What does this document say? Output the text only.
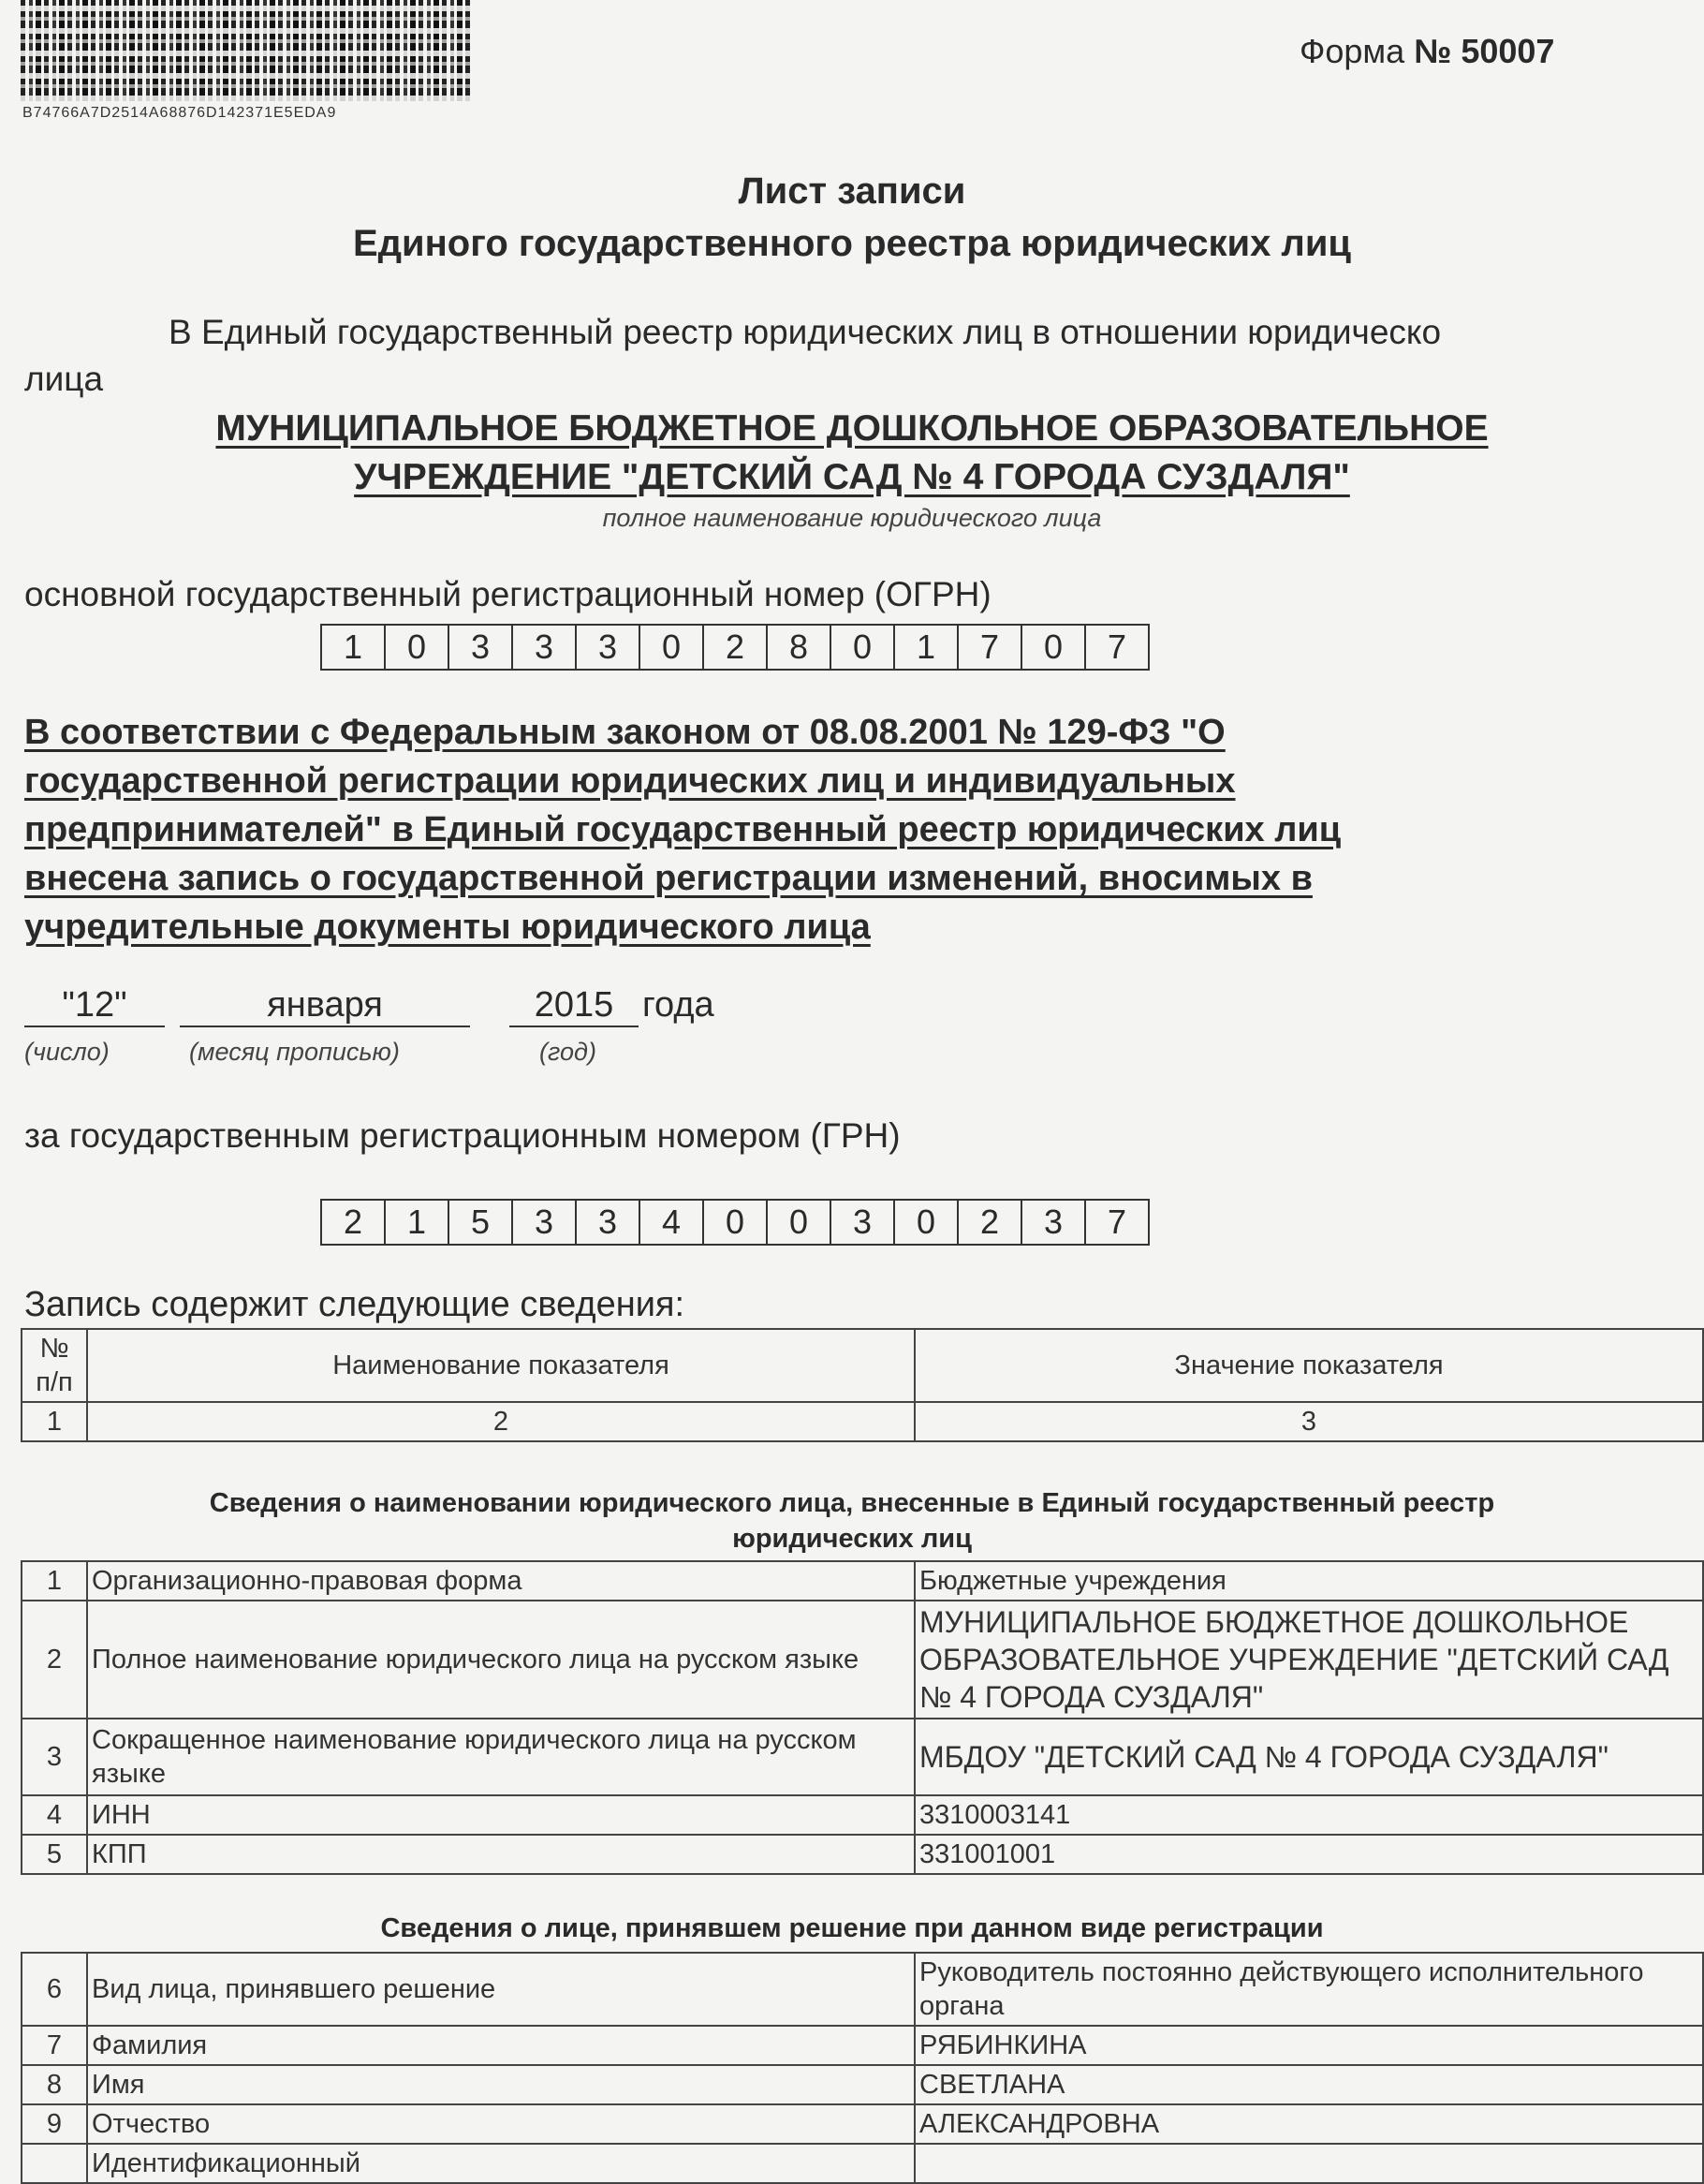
B74766A7D2514A68876D142371E5EDA9
Форма № 50007
Лист записи
Единого государственного реестра юридических лиц
В Единый государственный реестр юридических лиц в отношении юридическо
лица
МУНИЦИПАЛЬНОЕ БЮДЖЕТНОЕ ДОШКОЛЬНОЕ ОБРАЗОВАТЕЛЬНОЕ
УЧРЕЖДЕНИЕ "ДЕТСКИЙ САД № 4 ГОРОДА СУЗДАЛЯ"
полное наименование юридического лица
основной государственный регистрационный номер (ОГРН)
1	0	3	3	3	0	2	8	0	1	7	0	7
В соответствии с Федеральным законом от 08.08.2001 № 129-ФЗ "О
государственной регистрации юридических лиц и индивидуальных
предпринимателей" в Единый государственный реестр юридических лиц
внесена запись о государственной регистрации изменений, вносимых в
учредительные документы юридического лица
"12"	января	2015 года
(число)	(месяц прописью)	(год)
за государственным регистрационным номером (ГРН)
2	1	5	3	3	4	0	0	3	0	2	3	7
Запись содержит следующие сведения:
№ п/п	Наименование показателя	Значение показателя
1	2	3
Сведения о наименовании юридического лица, внесенные в Единый государственный реестр
юридических лиц
1	Организационно-правовая форма	Бюджетные учреждения
2	Полное наименование юридического лица на русском языке	МУНИЦИПАЛЬНОЕ БЮДЖЕТНОЕ ДОШКОЛЬНОЕ ОБРАЗОВАТЕЛЬНОЕ УЧРЕЖДЕНИЕ "ДЕТСКИЙ САД № 4 ГОРОДА СУЗДАЛЯ"
3	Сокращенное наименование юридического лица на русском языке	МБДОУ "ДЕТСКИЙ САД № 4 ГОРОДА СУЗДАЛЯ"
4	ИНН	3310003141
5	КПП	331001001
Сведения о лице, принявшем решение при данном виде регистрации
6	Вид лица, принявшего решение	Руководитель постоянно действующего исполнительного органа
7	Фамилия	РЯБИНКИНА
8	Имя	СВЕТЛАНА
9	Отчество	АЛЕКСАНДРОВНА
	Идентификационный	
